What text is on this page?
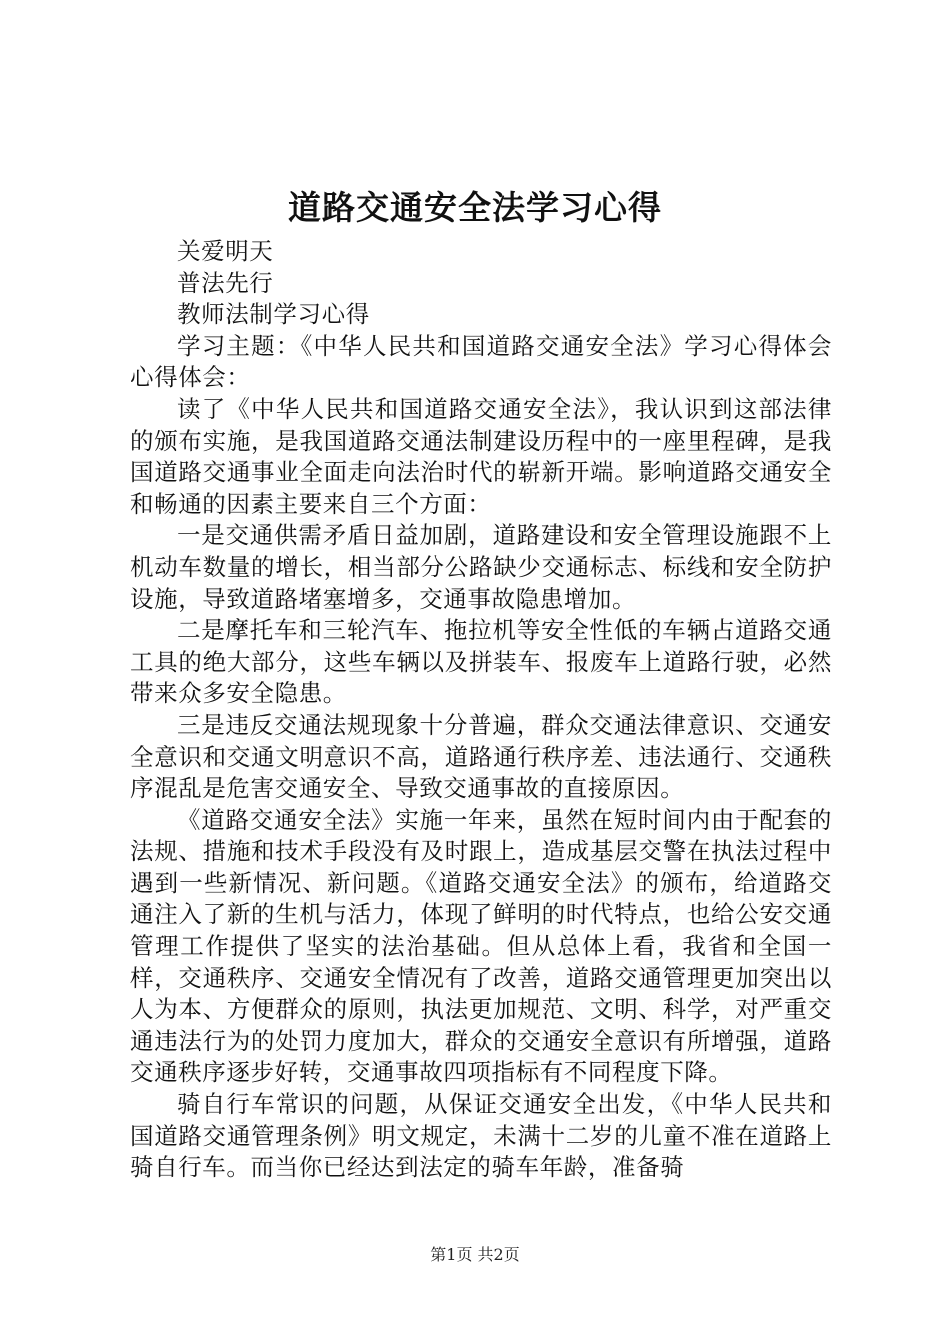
道路交通安全法学习心得

关爱明天

普法先行

教师法制学习心得

学习主题：《中华人民共和国道路交通安全法》学习心得体会心得体会：

读了《中华人民共和国道路交通安全法》，我认识到这部法律的颁布实施，是我国道路交通法制建设历程中的一座里程碑，是我国道路交通事业全面走向法治时代的崭新开端。影响道路交通安全和畅通的因素主要来自三个方面：

一是交通供需矛盾日益加剧，道路建设和安全管理设施跟不上机动车数量的增长，相当部分公路缺少交通标志、标线和安全防护设施，导致道路堵塞增多，交通事故隐患增加。

二是摩托车和三轮汽车、拖拉机等安全性低的车辆占道路交通工具的绝大部分，这些车辆以及拼装车、报废车上道路行驶，必然带来众多安全隐患。

三是违反交通法规现象十分普遍，群众交通法律意识、交通安全意识和交通文明意识不高，道路通行秩序差、违法通行、交通秩序混乱是危害交通安全、导致交通事故的直接原因。

《道路交通安全法》实施一年来，虽然在短时间内由于配套的法规、措施和技术手段没有及时跟上，造成基层交警在执法过程中遇到一些新情况、新问题。《道路交通安全法》的颁布，给道路交通注入了新的生机与活力，体现了鲜明的时代特点，也给公安交通管理工作提供了坚实的法治基础。但从总体上看，我省和全国一样，交通秩序、交通安全情况有了改善，道路交通管理更加突出以人为本、方便群众的原则，执法更加规范、文明、科学，对严重交通违法行为的处罚力度加大，群众的交通安全意识有所增强，道路交通秩序逐步好转，交通事故四项指标有不同程度下降。

骑自行车常识的问题，从保证交通安全出发，《中华人民共和国道路交通管理条例》明文规定，未满十二岁的儿童不准在道路上骑自行车。而当你已经达到法定的骑车年龄，准备骑

第1页 共2页
